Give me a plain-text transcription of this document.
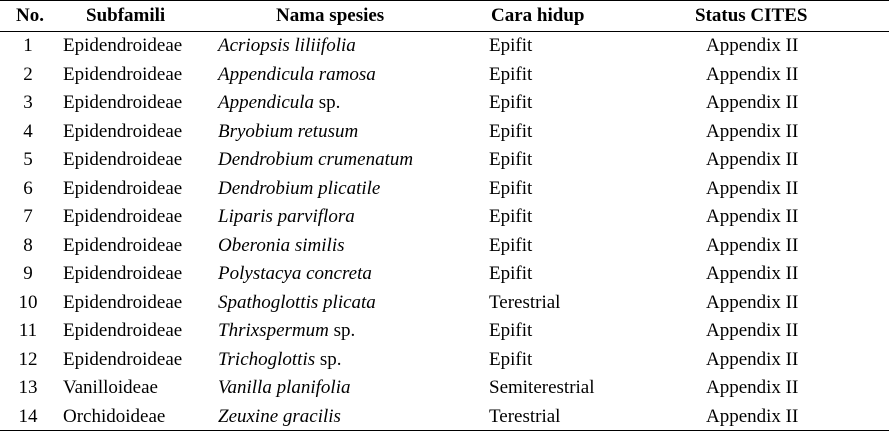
No.	Subfamili	Nama spesies	Cara hidup	Status CITES
1	Epidendroideae	Acriopsis liliifolia	Epifit	Appendix II
2	Epidendroideae	Appendicula ramosa	Epifit	Appendix II
3	Epidendroideae	Appendicula sp.	Epifit	Appendix II
4	Epidendroideae	Bryobium retusum	Epifit	Appendix II
5	Epidendroideae	Dendrobium crumenatum	Epifit	Appendix II
6	Epidendroideae	Dendrobium plicatile	Epifit	Appendix II
7	Epidendroideae	Liparis parviflora	Epifit	Appendix II
8	Epidendroideae	Oberonia similis	Epifit	Appendix II
9	Epidendroideae	Polystacya concreta	Epifit	Appendix II
10	Epidendroideae	Spathoglottis plicata	Terestrial	Appendix II
11	Epidendroideae	Thrixspermum sp.	Epifit	Appendix II
12	Epidendroideae	Trichoglottis sp.	Epifit	Appendix II
13	Vanilloideae	Vanilla planifolia	Semiterestrial	Appendix II
14	Orchidoideae	Zeuxine gracilis	Terestrial	Appendix II
